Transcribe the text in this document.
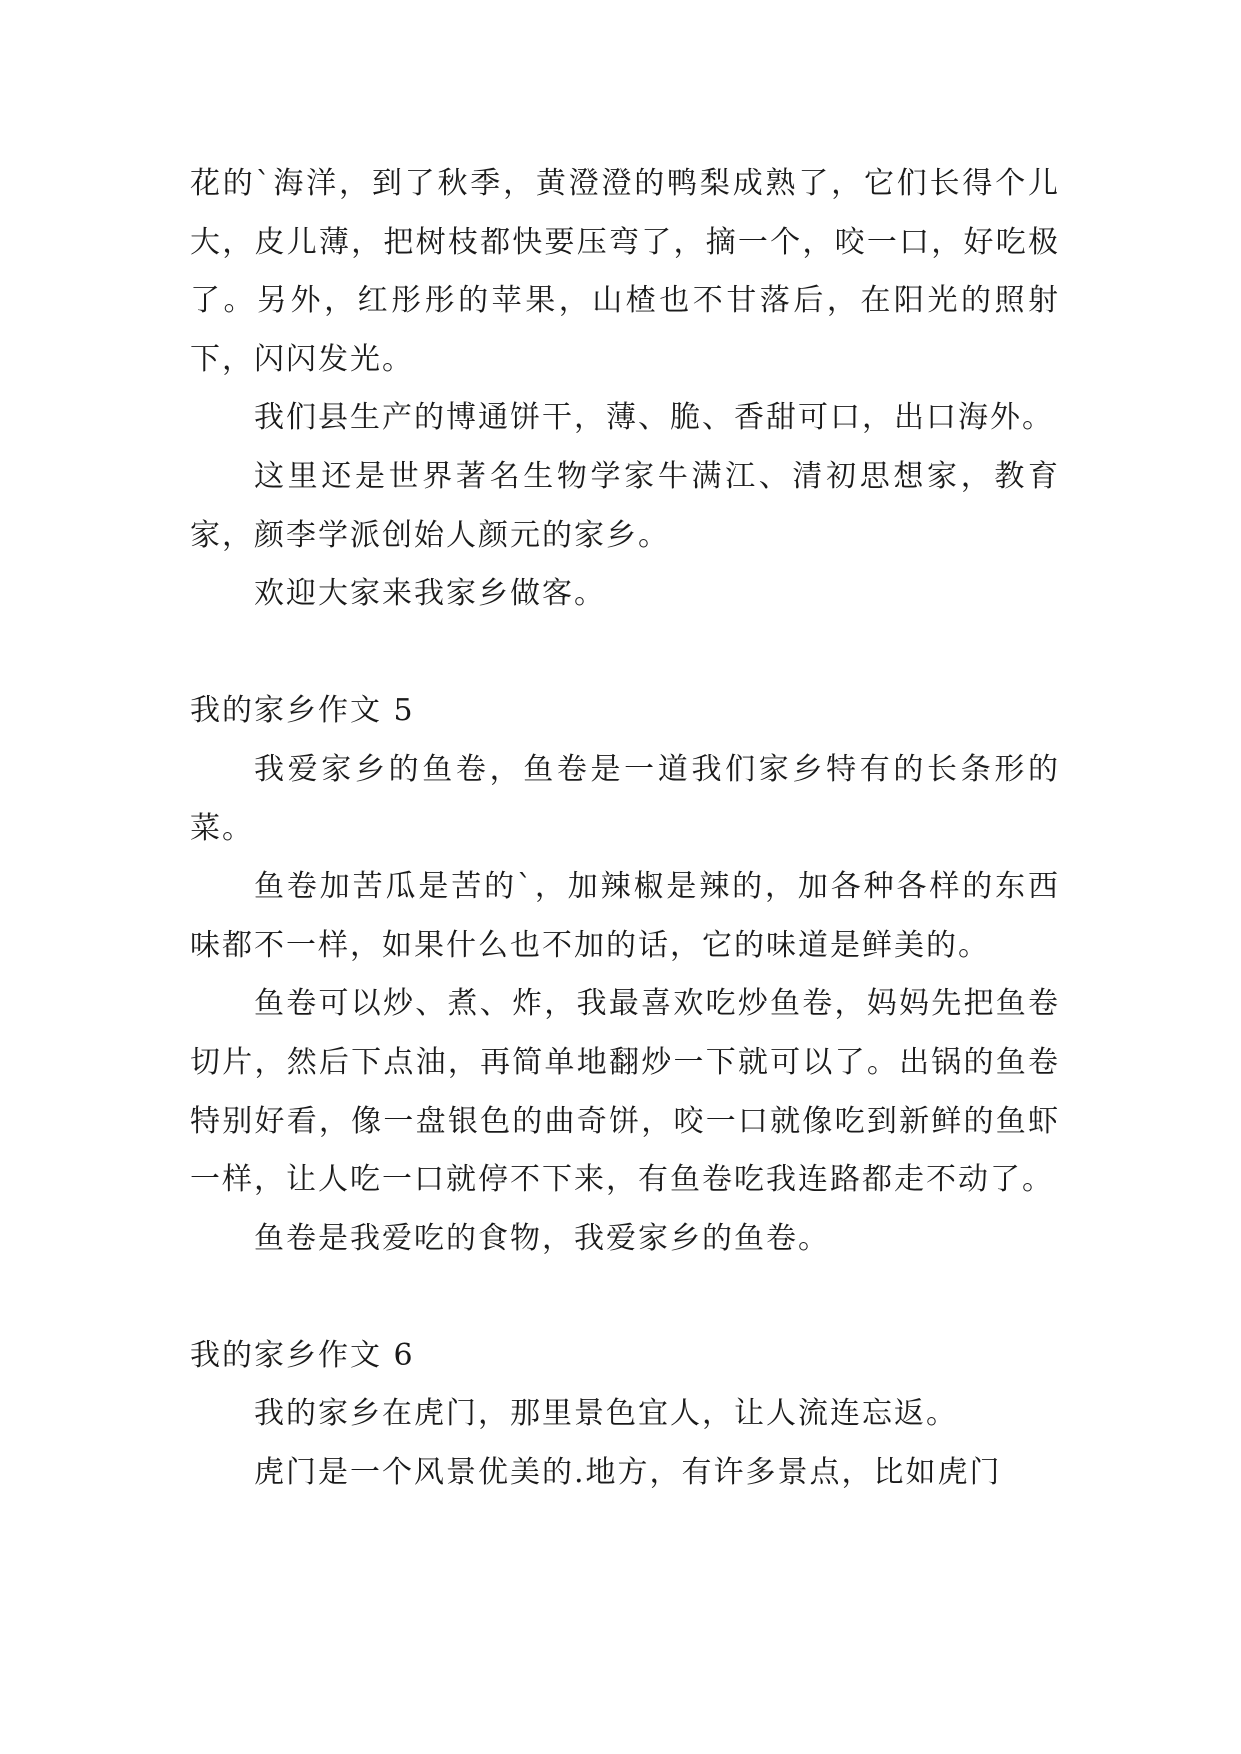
花的`海洋，到了秋季，黄澄澄的鸭梨成熟了，它们长得个儿大，皮儿薄，把树枝都快要压弯了，摘一个，咬一口，好吃极了。另外，红彤彤的苹果，山楂也不甘落后，在阳光的照射下，闪闪发光。

我们县生产的博通饼干，薄、脆、香甜可口，出口海外。

这里还是世界著名生物学家牛满江、清初思想家，教育家，颜李学派创始人颜元的家乡。

欢迎大家来我家乡做客。

我的家乡作文 5

我爱家乡的鱼卷，鱼卷是一道我们家乡特有的长条形的菜。

鱼卷加苦瓜是苦的`，加辣椒是辣的，加各种各样的东西味都不一样，如果什么也不加的话，它的味道是鲜美的。

鱼卷可以炒、煮、炸，我最喜欢吃炒鱼卷，妈妈先把鱼卷切片，然后下点油，再简单地翻炒一下就可以了。出锅的鱼卷特别好看，像一盘银色的曲奇饼，咬一口就像吃到新鲜的鱼虾一样，让人吃一口就停不下来，有鱼卷吃我连路都走不动了。

鱼卷是我爱吃的食物，我爱家乡的鱼卷。

我的家乡作文 6

我的家乡在虎门，那里景色宜人，让人流连忘返。

虎门是一个风景优美的.地方，有许多景点，比如虎门
